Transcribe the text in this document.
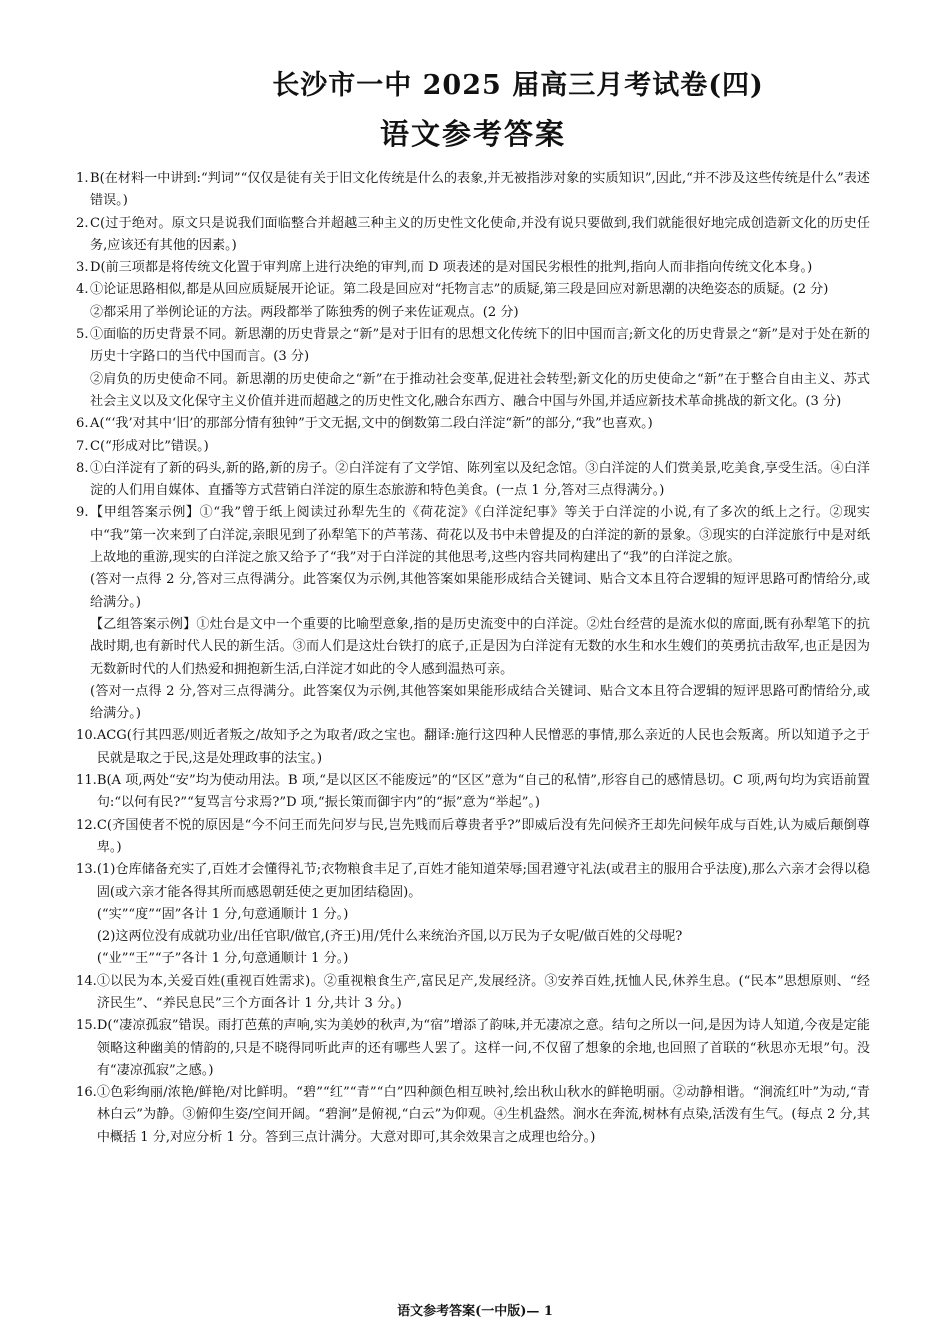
长沙市一中 2025 届高三月考试卷(四)
语文参考答案
1. B(在材料一中讲到:“判词”“仅仅是徒有关于旧文化传统是什么的表象,并无被指涉对象的实质知识”,因此,“并不涉及这些传统是什么”表述错误。)

2. C(过于绝对。原文只是说我们面临整合并超越三种主义的历史性文化使命,并没有说只要做到,我们就能很好地完成创造新文化的历史任务,应该还有其他的因素。)

3. D(前三项都是将传统文化置于审判席上进行决绝的审判,而 D 项表述的是对国民劣根性的批判,指向人而非指向传统文化本身。)

4. ①论证思路相似,都是从回应质疑展开论证。第二段是回应对“托物言志”的质疑,第三段是回应对新思潮的决绝姿态的质疑。(2 分)

②都采用了举例论证的方法。两段都举了陈独秀的例子来佐证观点。(2 分)

5. ①面临的历史背景不同。新思潮的历史背景之“新”是对于旧有的思想文化传统下的旧中国而言;新文化的历史背景之“新”是对于处在新的历史十字路口的当代中国而言。(3 分)

②肩负的历史使命不同。新思潮的历史使命之“新”在于推动社会变革,促进社会转型;新文化的历史使命之“新”在于整合自由主义、苏式社会主义以及文化保守主义价值并进而超越之的历史性文化,融合东西方、融合中国与外国,并适应新技术革命挑战的新文化。(3 分)

6. A(“‘我’对其中‘旧’的那部分情有独钟”于文无据,文中的倒数第二段白洋淀“新”的部分,“我”也喜欢。)

7. C(“形成对比”错误。)

8. ①白洋淀有了新的码头,新的路,新的房子。②白洋淀有了文学馆、陈列室以及纪念馆。③白洋淀的人们赏美景,吃美食,享受生活。④白洋淀的人们用自媒体、直播等方式营销白洋淀的原生态旅游和特色美食。(一点 1 分,答对三点得满分。)

9. 【甲组答案示例】①“我”曾于纸上阅读过孙犁先生的《荷花淀》《白洋淀纪事》等关于白洋淀的小说,有了多次的纸上之行。②现实中“我”第一次来到了白洋淀,亲眼见到了孙犁笔下的芦苇荡、荷花以及书中未曾提及的白洋淀的新的景象。③现实的白洋淀旅行中是对纸上故地的重游,现实的白洋淀之旅又给予了“我”对于白洋淀的其他思考,这些内容共同构建出了“我”的白洋淀之旅。

(答对一点得 2 分,答对三点得满分。此答案仅为示例,其他答案如果能形成结合关键词、贴合文本且符合逻辑的短评思路可酌情给分,或给满分。)

【乙组答案示例】①灶台是文中一个重要的比喻型意象,指的是历史流变中的白洋淀。②灶台经营的是流水似的席面,既有孙犁笔下的抗战时期,也有新时代人民的新生活。③而人们是这灶台铁打的底子,正是因为白洋淀有无数的水生和水生嫂们的英勇抗击敌军,也正是因为无数新时代的人们热爱和拥抱新生活,白洋淀才如此的令人感到温热可亲。

(答对一点得 2 分,答对三点得满分。此答案仅为示例,其他答案如果能形成结合关键词、贴合文本且符合逻辑的短评思路可酌情给分,或给满分。)

10. ACG(行其四恶/则近者叛之/故知予之为取者/政之宝也。翻译:施行这四种人民憎恶的事情,那么亲近的人民也会叛离。所以知道予之于民就是取之于民,这是处理政事的法宝。)

11. B(A 项,两处“安”均为使动用法。B 项,“是以区区不能废远”的“区区”意为“自己的私情”,形容自己的感情恳切。C 项,两句均为宾语前置句:“以何有民?”“复骂言兮求焉?”D 项,“振长策而御宇内”的“振”意为“举起”。)

12. C(齐国使者不悦的原因是“今不问王而先问岁与民,岂先贱而后尊贵者乎?”即威后没有先问候齐王却先问候年成与百姓,认为威后颠倒尊卑。)

13. (1)仓库储备充实了,百姓才会懂得礼节;衣物粮食丰足了,百姓才能知道荣辱;国君遵守礼法(或君主的服用合乎法度),那么六亲才会得以稳固(或六亲才能各得其所而感恩朝廷使之更加团结稳固)。

(“实”“度”“固”各计 1 分,句意通顺计 1 分。)

(2)这两位没有成就功业/出任官职/做官,(齐王)用/凭什么来统治齐国,以万民为子女呢/做百姓的父母呢?

(“业”“王”“子”各计 1 分,句意通顺计 1 分。)

14. ①以民为本,关爱百姓(重视百姓需求)。②重视粮食生产,富民足产,发展经济。③安养百姓,抚恤人民,休养生息。(“民本”思想原则、“经济民生”、“养民息民”三个方面各计 1 分,共计 3 分。)

15. D(“凄凉孤寂”错误。雨打芭蕉的声响,实为美妙的秋声,为“宿”增添了韵味,并无凄凉之意。结句之所以一问,是因为诗人知道,今夜是定能领略这种幽美的情韵的,只是不晓得同听此声的还有哪些人罢了。这样一问,不仅留了想象的余地,也回照了首联的“秋思亦无垠”句。没有“凄凉孤寂”之感。)

16. ①色彩绚丽/浓艳/鲜艳/对比鲜明。“碧”“红”“青”“白”四种颜色相互映衬,绘出秋山秋水的鲜艳明丽。②动静相谐。“涧流红叶”为动,“青林白云”为静。③俯仰生姿/空间开阔。“碧涧”是俯视,“白云”为仰观。④生机盎然。涧水在奔流,树林有点染,活泼有生气。(每点 2 分,其中概括 1 分,对应分析 1 分。答到三点计满分。大意对即可,其余效果言之成理也给分。)

语文参考答案(一中版)— 1
